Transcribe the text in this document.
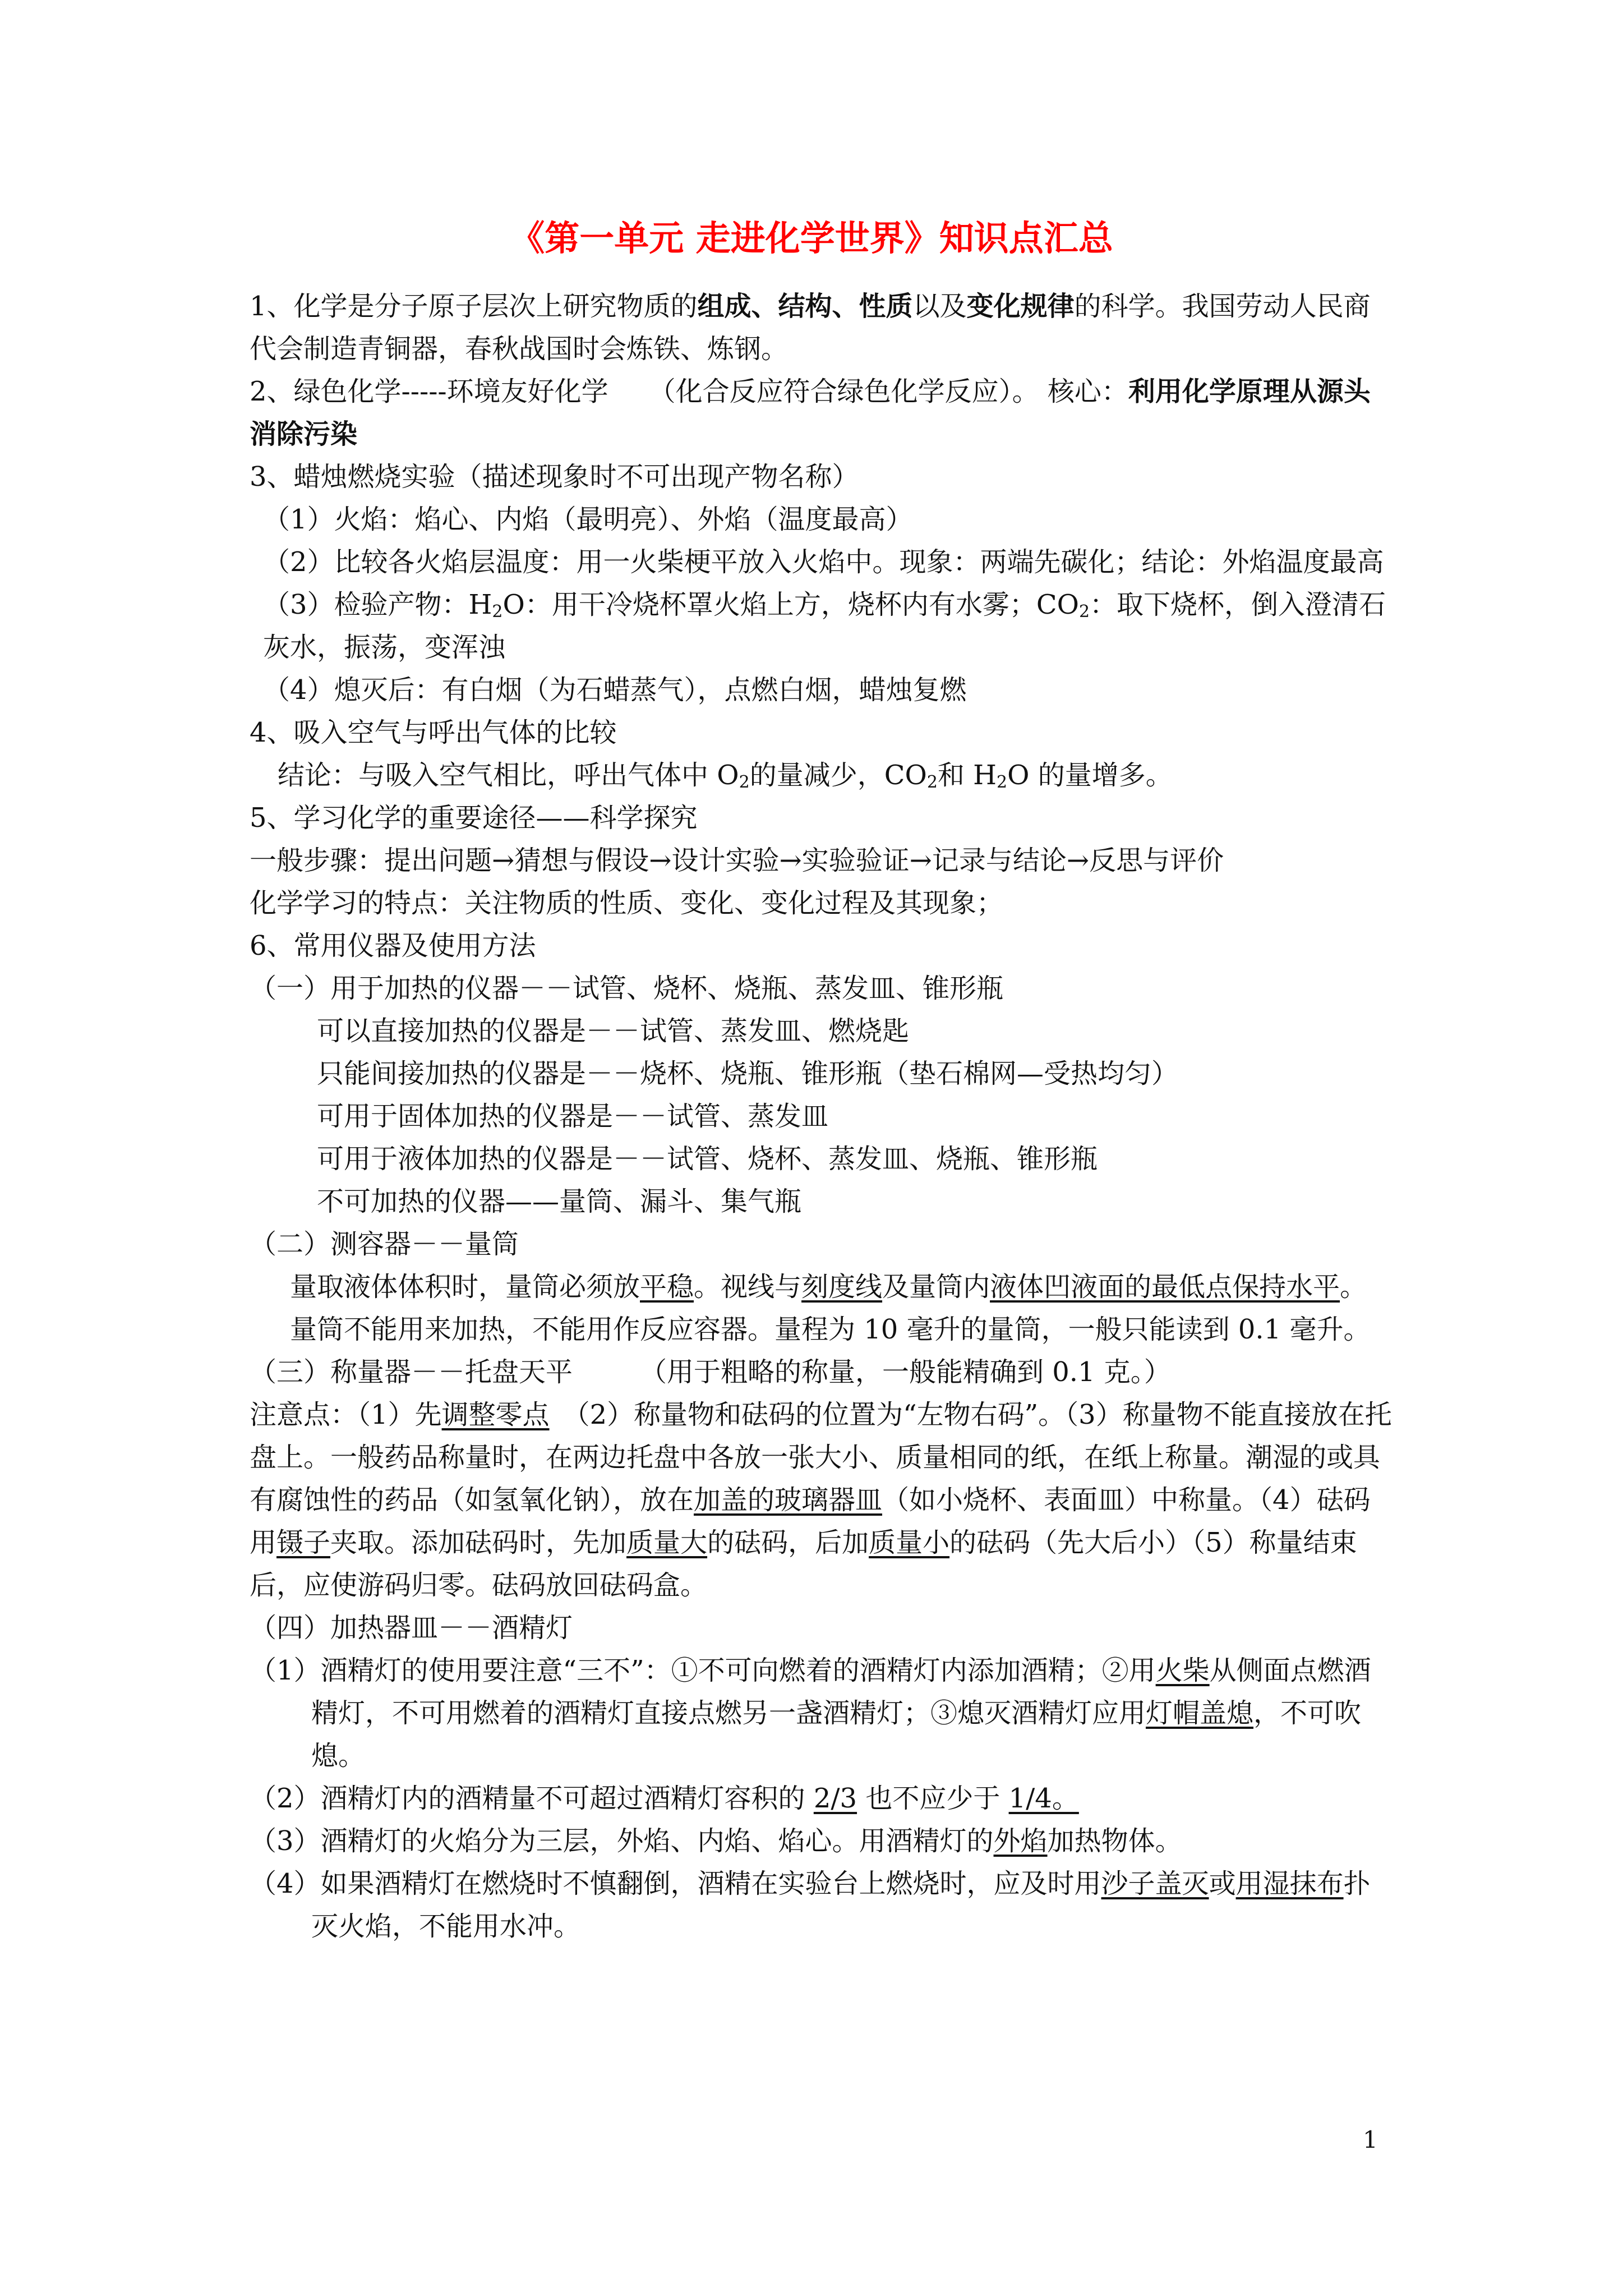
《第一单元 走进化学世界》知识点汇总

1、化学是分子原子层次上研究物质的组成、结构、性质以及变化规律的科学。我国劳动人民商代会制造青铜器，春秋战国时会炼铁、炼钢。

2、绿色化学-----环境友好化学　　（化合反应符合绿色化学反应）。 核心：利用化学原理从源头消除污染

3、蜡烛燃烧实验（描述现象时不可出现产物名称）

（1）火焰：焰心、内焰（最明亮）、外焰（温度最高）

（2）比较各火焰层温度：用一火柴梗平放入火焰中。现象：两端先碳化；结论：外焰温度最高

（3）检验产物：$H_2O$：用干冷烧杯罩火焰上方，烧杯内有水雾；$CO_2$：取下烧杯，倒入澄清石灰水，振荡，变浑浊

（4）熄灭后：有白烟（为石蜡蒸气），点燃白烟，蜡烛复燃

4、吸入空气与呼出气体的比较

结论：与吸入空气相比，呼出气体中 $O_2$的量减少，$CO_2$和 $H_2O$ 的量增多。

5、学习化学的重要途径——科学探究

一般步骤：提出问题→猜想与假设→设计实验→实验验证→记录与结论→反思与评价

化学学习的特点：关注物质的性质、变化、变化过程及其现象；

6、常用仪器及使用方法

（一）用于加热的仪器－－试管、烧杯、烧瓶、蒸发皿、锥形瓶

可以直接加热的仪器是－－试管、蒸发皿、燃烧匙

只能间接加热的仪器是－－烧杯、烧瓶、锥形瓶（垫石棉网—受热均匀）

可用于固体加热的仪器是－－试管、蒸发皿

可用于液体加热的仪器是－－试管、烧杯、蒸发皿、烧瓶、锥形瓶

不可加热的仪器——量筒、漏斗、集气瓶

（二）测容器－－量筒

量取液体体积时，量筒必须放平稳。视线与刻度线及量筒内液体凹液面的最低点保持水平。

量筒不能用来加热，不能用作反应容器。量程为 10 毫升的量筒，一般只能读到 0.1 毫升。

（三）称量器－－托盘天平　　　（用于粗略的称量，一般能精确到 0.1 克。）

注意点：（1）先调整零点　（2）称量物和砝码的位置为“左物右码”。（3）称量物不能直接放在托盘上。一般药品称量时，在两边托盘中各放一张大小、质量相同的纸，在纸上称量。潮湿的或具有腐蚀性的药品（如氢氧化钠），放在加盖的玻璃器皿（如小烧杯、表面皿）中称量。（4）砝码用镊子夹取。添加砝码时，先加质量大的砝码，后加质量小的砝码（先大后小）（5）称量结束后，应使游码归零。砝码放回砝码盒。

（四）加热器皿－－酒精灯

（1）酒精灯的使用要注意“三不”：①不可向燃着的酒精灯内添加酒精；②用火柴从侧面点燃酒精灯，不可用燃着的酒精灯直接点燃另一盏酒精灯；③熄灭酒精灯应用灯帽盖熄，不可吹熄。

（2）酒精灯内的酒精量不可超过酒精灯容积的 2/3 也不应少于 1/4。

（3）酒精灯的火焰分为三层，外焰、内焰、焰心。用酒精灯的外焰加热物体。

（4）如果酒精灯在燃烧时不慎翻倒，酒精在实验台上燃烧时，应及时用沙子盖灭或用湿抹布扑灭火焰，不能用水冲。

1
